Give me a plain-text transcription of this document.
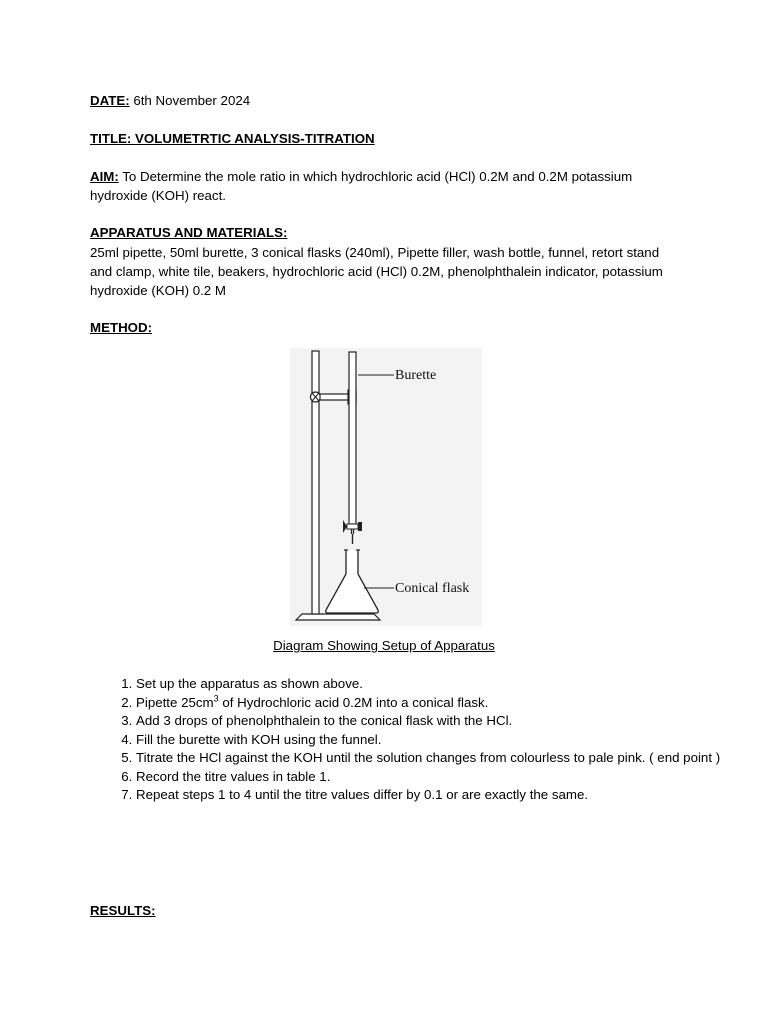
DATE: 6th November 2024
TITLE: VOLUMETRTIC ANALYSIS-TITRATION
AIM: To Determine the mole ratio in which hydrochloric acid (HCl) 0.2M and 0.2M potassium hydroxide (KOH) react.
APPARATUS AND MATERIALS:
25ml pipette, 50ml burette, 3 conical flasks (240ml), Pipette filler, wash bottle, funnel, retort stand and clamp, white tile, beakers, hydrochloric acid (HCl) 0.2M, phenolphthalein indicator, potassium hydroxide (KOH) 0.2 M
METHOD:
Burette
Conical flask
Diagram Showing Setup of Apparatus
1. Set up the apparatus as shown above.
2. Pipette $25cm^3$ of Hydrochloric acid 0.2M into a conical flask.
3. Add 3 drops of phenolphthalein to the conical flask with the HCl.
4. Fill the burette with KOH using the funnel.
5. Titrate the HCl against the KOH until the solution changes from colourless to pale pink. ( end point )
6. Record the titre values in table 1.
7. Repeat steps 1 to 4 until the titre values differ by 0.1 or are exactly the same.
RESULTS:
